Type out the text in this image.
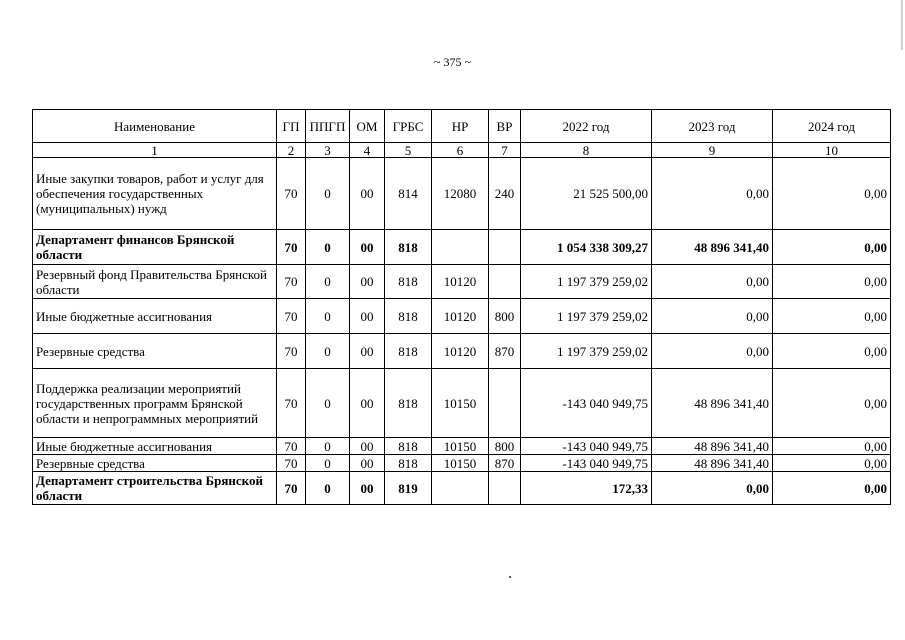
~ 375 ~
Наименование	ГП	ППГП	ОМ	ГРБС	НР	ВР	2022 год	2023 год	2024 год
1	2	3	4	5	6	7	8	9	10
Иные закупки товаров, работ и услуг для обеспечения государственных (муниципальных) нужд	70	0	00	814	12080	240	21 525 500,00	0,00	0,00
Департамент финансов Брянской области	70	0	00	818			1 054 338 309,27	48 896 341,40	0,00
Резервный фонд Правительства Брянской области	70	0	00	818	10120		1 197 379 259,02	0,00	0,00
Иные бюджетные ассигнования	70	0	00	818	10120	800	1 197 379 259,02	0,00	0,00
Резервные средства	70	0	00	818	10120	870	1 197 379 259,02	0,00	0,00
Поддержка реализации мероприятий государственных программ Брянской области и непрограммных мероприятий	70	0	00	818	10150		-143 040 949,75	48 896 341,40	0,00
Иные бюджетные ассигнования	70	0	00	818	10150	800	-143 040 949,75	48 896 341,40	0,00
Резервные средства	70	0	00	818	10150	870	-143 040 949,75	48 896 341,40	0,00
Департамент строительства Брянской области	70	0	00	819			172,33	0,00	0,00
